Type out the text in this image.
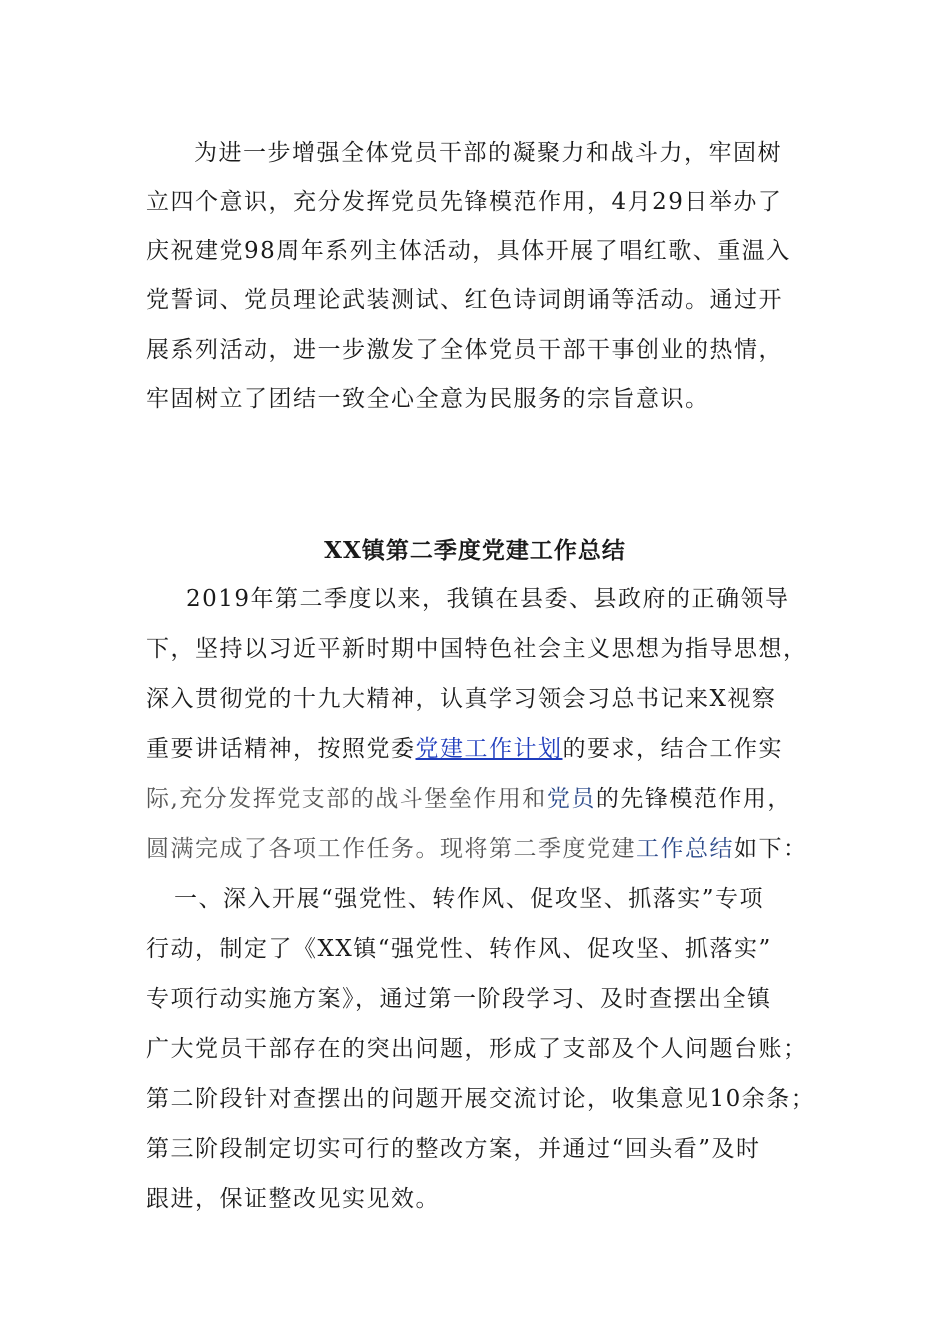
为进一步增强全体党员干部的凝聚力和战斗力，牢固树
立四个意识，充分发挥党员先锋模范作用，4月29日举办了
庆祝建党98周年系列主体活动，具体开展了唱红歌、重温入
党誓词、党员理论武装测试、红色诗词朗诵等活动。通过开
展系列活动，进一步激发了全体党员干部干事创业的热情，
牢固树立了团结一致全心全意为民服务的宗旨意识。
XX镇第二季度党建工作总结
2019年第二季度以来，我镇在县委、县政府的正确领导
下，坚持以习近平新时期中国特色社会主义思想为指导思想，
深入贯彻党的十九大精神，认真学习领会习总书记来X视察
重要讲话精神，按照党委党建工作计划的要求，结合工作实
际,充分发挥党支部的战斗堡垒作用和党员的先锋模范作用，
圆满完成了各项工作任务。现将第二季度党建工作总结如下：
一、深入开展“强党性、转作风、促攻坚、抓落实”专项
行动，制定了《XX镇“强党性、转作风、促攻坚、抓落实”
专项行动实施方案》，通过第一阶段学习、及时查摆出全镇
广大党员干部存在的突出问题，形成了支部及个人问题台账；
第二阶段针对查摆出的问题开展交流讨论，收集意见10余条；
第三阶段制定切实可行的整改方案，并通过“回头看”及时
跟进，保证整改见实见效。
